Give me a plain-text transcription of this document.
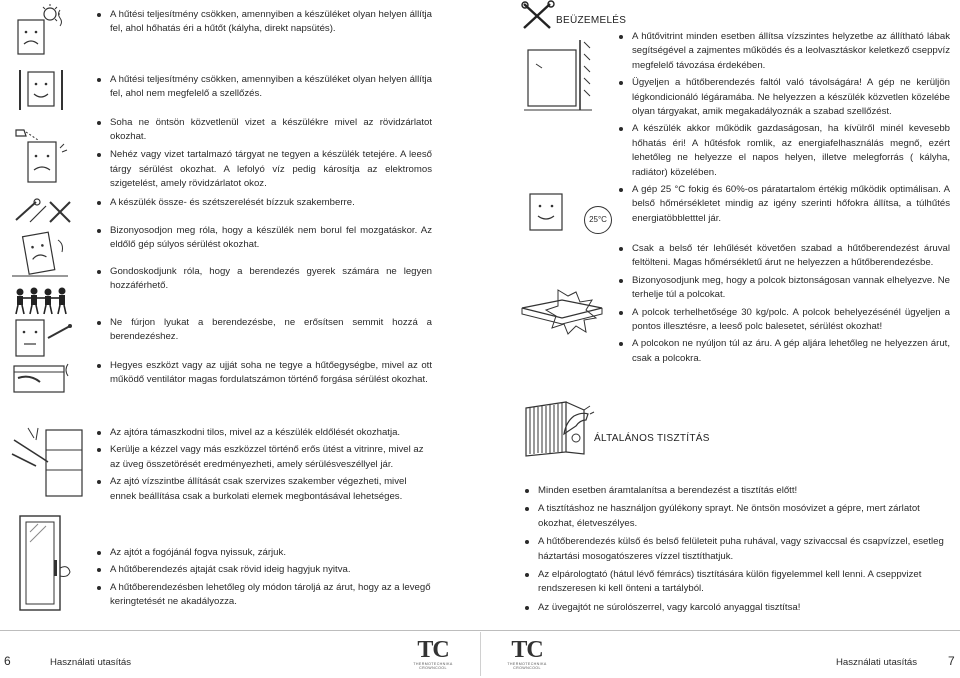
A hűtési teljesítmény csökken, amennyiben a készüléket olyan helyen állítja fel, ahol hőhatás éri a hűtőt (kályha, direkt napsütés).
A hűtési teljesítmény csökken, amennyiben a készüléket olyan helyen állítja fel, ahol nem megfelelő a szellőzés.
Soha ne öntsön közvetlenül vizet a készülékre mivel az rövidzárlatot okozhat.
Nehéz vagy vizet tartalmazó tárgyat ne tegyen a készülék tetejére. A leeső tárgy sérülést okozhat. A lefolyó víz pedig károsítja az elektromos szigetelést, amely rövidzárlatot okoz.
A készülék össze- és szétszerelését bízzuk szakemberre.
Bizonyosodjon meg róla, hogy a készülék nem borul fel mozgatáskor. Az eldőlő gép súlyos sérülést okozhat.
Gondoskodjunk róla, hogy a berendezés gyerek számára ne legyen hozzáférhető.
Ne fúrjon lyukat a berendezésbe, ne erősítsen semmit hozzá a berendezéshez.
Hegyes eszközt vagy az ujját soha ne tegye a hűtőegységbe, mivel az ott működő ventilátor magas fordulatszámon történő forgása sérülést okozhat.
Az ajtóra támaszkodni tilos, mivel az a készülék eldőlését okozhatja.
Kerülje a kézzel vagy más eszközzel történő erős ütést a vitrinre, mivel az az üveg összetörését eredményezheti, amely sérülésveszéllyel jár.
Az ajtó vízszintbe állítását csak szervizes szakember végezheti, mivel ennek beállítása csak a burkolati elemek megbontásával lehetséges.
Az ajtót a fogójánál fogva nyissuk, zárjuk.
A hűtőberendezés ajtaját csak rövid ideig hagyjuk nyitva.
A hűtőberendezésben lehetőleg oly módon tároljá az árut, hogy az a levegő keringtetését ne akadályozza.
BEÜZEMELÉS
25°C
ÁLTALÁNOS TISZTÍTÁS
A hűtővitrint minden esetben állítsa vízszintes helyzetbe az állítható lábak segítségével a zajmentes működés és a leolvasztáskor keletkező cseppvíz megfelelő távozása érdekében.
Ügyeljen a hűtőberendezés faltól való távolságára! A gép ne kerüljön légkondicionáló légáramába. Ne helyezzen a készülék közvetlen közelébe olyan tárgyakat, amik megakadályoznák a szabad szellőzést.
A készülék akkor működik gazdaságosan, ha kívülről minél kevesebb hőhatás éri! A hűtésfok romlik, az energiafelhasználás megnő, ezért lehetőleg ne helyezze el napos helyen, illetve melegforrás ( kályha, radiátor) közelében.
A gép 25 °C fokig és 60%-os páratartalom értékig működik optimálisan. A belső hőmérsékletet mindig az igény szerinti hőfokra állítsa, a túlhűtés energiatöbbletttel jár.
Csak a belső tér lehűlését követően szabad a hűtőberendezést áruval feltölteni. Magas hőmérsékletű árut ne helyezzen a hűtőberendezésbe.
Bizonyosodjunk meg, hogy a polcok biztonságosan vannak elhelyezve. Ne terhelje túl a polcokat.
A polcok terhelhetősége 30 kg/polc. A polcok behelyezésénél ügyeljen a pontos illesztésre, a leeső polc balesetet, sérülést okozhat!
A polcokon ne nyúljon túl az áru. A gép aljára lehetőleg ne helyezzen árut, csak a polcokra.
Minden esetben áramtalanítsa a berendezést a tisztítás előtt!
A tisztításhoz ne használjon gyúlékony sprayt. Ne öntsön mosóvizet a gépre, mert zárlatot okozhat, életveszélyes.
A hűtőberendezés külső és belső felületeit puha ruhával, vagy szivaccsal és csapvízzel, esetleg háztartási mosogatószeres vízzel tisztíthatjuk.
Az elpárologtató (hátul lévő fémrács) tisztítására külön figyelemmel kell lenni. A cseppvizet rendszeresen ki kell önteni a tartályból.
Az üvegajtót ne súrolószerrel, vagy karcoló anyaggal tisztítsa!
6	Használati utasítás	TC
THERMOTECHNIKA
CROWNCOOL
TC
THERMOTECHNIKA
CROWNCOOL
Használati utasítás	7
